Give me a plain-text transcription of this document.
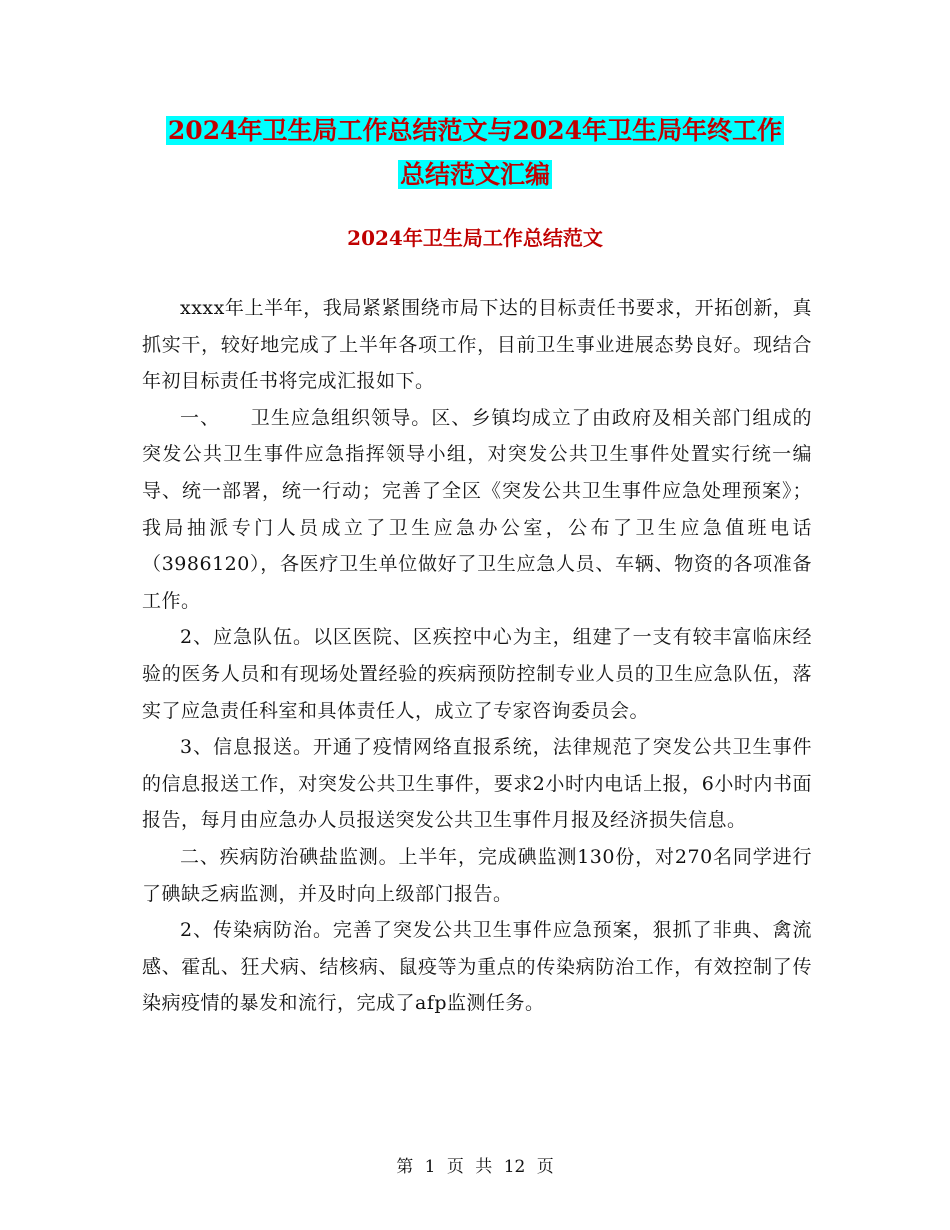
2024年卫生局工作总结范文与2024年卫生局年终工作
总结范文汇编
2024年卫生局工作总结范文

xxxx年上半年，我局紧紧围绕市局下达的目标责任书要求，开拓创新，真抓实干，较好地完成了上半年各项工作，目前卫生事业进展态势良好。现结合年初目标责任书将完成汇报如下。

一、　　卫生应急组织领导。区、乡镇均成立了由政府及相关部门组成的突发公共卫生事件应急指挥领导小组，对突发公共卫生事件处置实行统一编导、统一部署，统一行动；完善了全区《突发公共卫生事件应急处理预案》；我局抽派专门人员成立了卫生应急办公室，公布了卫生应急值班电话（3986120），各医疗卫生单位做好了卫生应急人员、车辆、物资的各项准备工作。

2、应急队伍。以区医院、区疾控中心为主，组建了一支有较丰富临床经验的医务人员和有现场处置经验的疾病预防控制专业人员的卫生应急队伍，落实了应急责任科室和具体责任人，成立了专家咨询委员会。

3、信息报送。开通了疫情网络直报系统，法律规范了突发公共卫生事件的信息报送工作，对突发公共卫生事件，要求2小时内电话上报，6小时内书面报告，每月由应急办人员报送突发公共卫生事件月报及经济损失信息。

二、疾病防治碘盐监测。上半年，完成碘监测130份，对270名同学进行了碘缺乏病监测，并及时向上级部门报告。

2、传染病防治。完善了突发公共卫生事件应急预案，狠抓了非典、禽流感、霍乱、狂犬病、结核病、鼠疫等为重点的传染病防治工作，有效控制了传染病疫情的暴发和流行，完成了afp监测任务。

第 1 页 共 12 页
